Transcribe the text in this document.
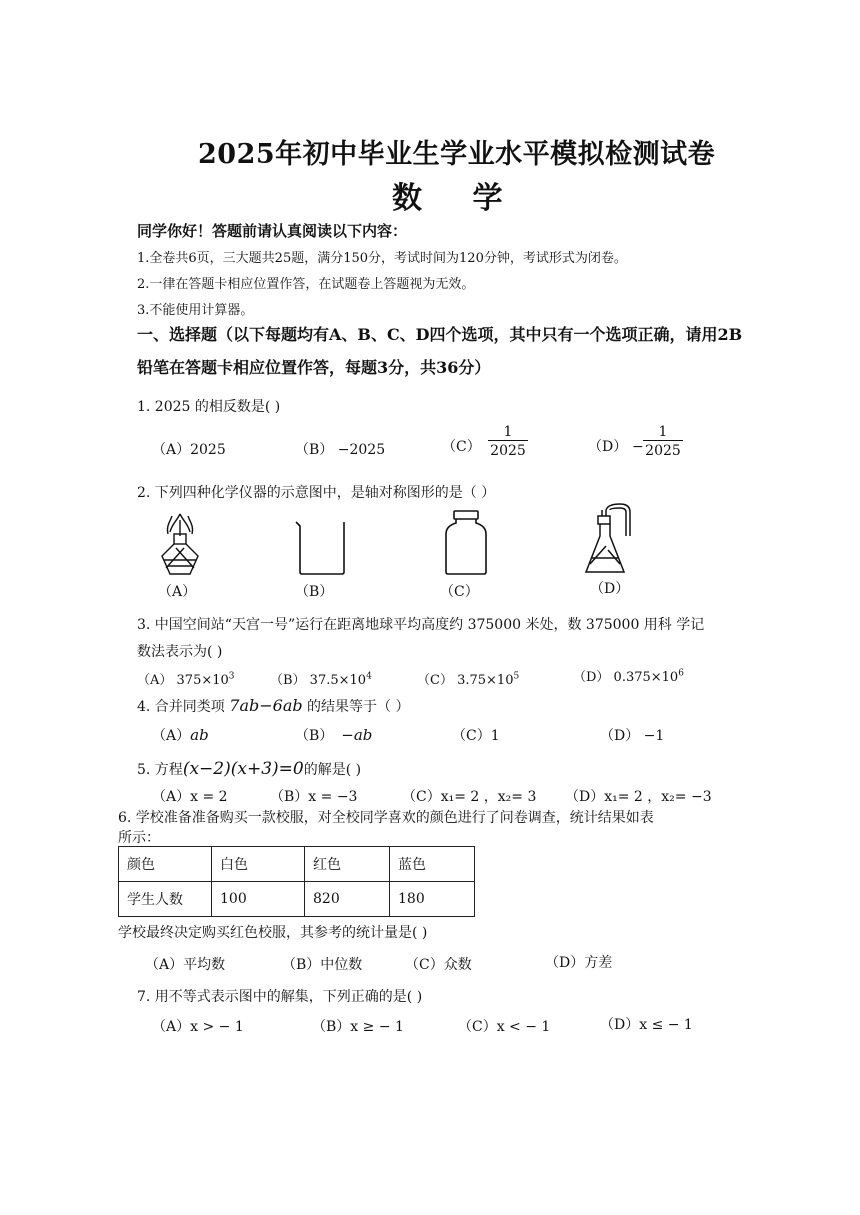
2025年初中毕业生学业水平模拟检测试卷
数 学
同学你好！答题前请认真阅读以下内容：
1.全卷共6页，三大题共25题，满分150分，考试时间为120分钟，考试形式为闭卷。
2.一律在答题卡相应位置作答，在试题卷上答题视为无效。
3.不能使用计算器。
一、选择题（以下每题均有A、B、C、D四个选项，其中只有一个选项正确，请用2B
铅笔在答题卡相应位置作答，每题3分，共36分）
1. 2025 的相反数是( )
（A）2025	（B） −2025	（C）
1
2025	（D） −
1
2025
2. 下列四种化学仪器的示意图中，是轴对称图形的是（ ）
（A）	（B）	（C）	（D）
3. 中国空间站“天宫一号”运行在距离地球平均高度约 375000 米处，数 375000 用科 学记
数法表示为( )
（A） $375\times 10^3$	（B） $37.5\times 10^4$	（C） $3.75\times 10^5$	（D） $0.375\times 10^6$
4. 合并同类项 7ab−6ab 的结果等于（ ）
（A）ab	（B） −ab	（C）1	（D） −1
5. 方程(x−2)(x+3)=0的解是( )
（A）x = 2	（B）x = −3	（C）x₁= 2 ，x₂= 3 （D）x₁= 2 ，x₂= −3
6. 学校准备准备购买一款校服，对全校同学喜欢的颜色进行了问卷调查，统计结果如表
所示：
颜色	白色	红色	蓝色
学生人数	100	820	180
学校最终决定购买红色校服，其参考的统计量是( )
（A）平均数	（B）中位数	（C）众数	（D）方差
7. 用不等式表示图中的解集，下列正确的是( )
（A）x > − 1	（B）x ≥ − 1	（C）x < − 1	（D）x ≤ − 1
